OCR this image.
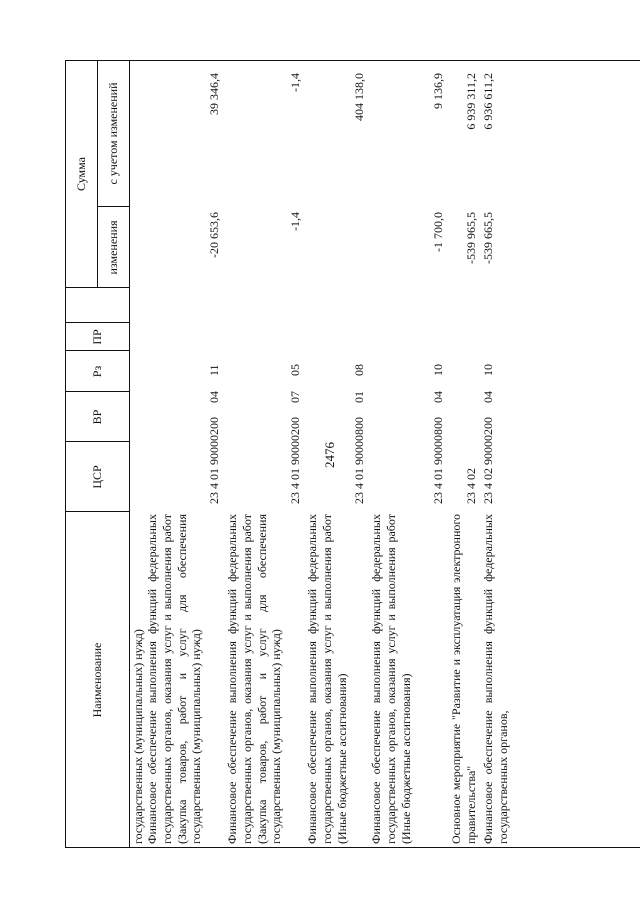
2476
Наименование
ЦСР
ВР
Рз
ПР
Сумма
изменения
с учетом изменений
государственных (муниципальных) нужд) Финансовое обеспечение выполнения функций федеральных государственных органов, оказания услуг и выполнения работ (Закупка товаров, работ и услуг для обеспечения государственных (муниципальных) нужд)
23 4 01 90000
200
04
11
-20 653,6
39 346,4
Финансовое обеспечение выполнения функций федеральных государственных органов, оказания услуг и выполнения работ (Закупка товаров, работ и услуг для обеспечения государственных (муниципальных) нужд)
23 4 01 90000
200
07
05
-1,4
-1,4
Финансовое обеспечение выполнения функций федеральных государственных органов, оказания услуг и выполнения работ (Иные бюджетные ассигнования)
23 4 01 90000
800
01
08
404 138,0
Финансовое обеспечение выполнения функций федеральных государственных органов, оказания услуг и выполнения работ (Иные бюджетные ассигнования)
23 4 01 90000
800
04
10
-1 700,0
9 136,9
Основное мероприятие "Развитие и эксплуатация электронного правительства"
23 4 02
-539 965,5
6 939 311,2
Финансовое обеспечение выполнения функций федеральных государственных органов,
23 4 02 90000
200
04
10
-539 665,5
6 936 611,2
